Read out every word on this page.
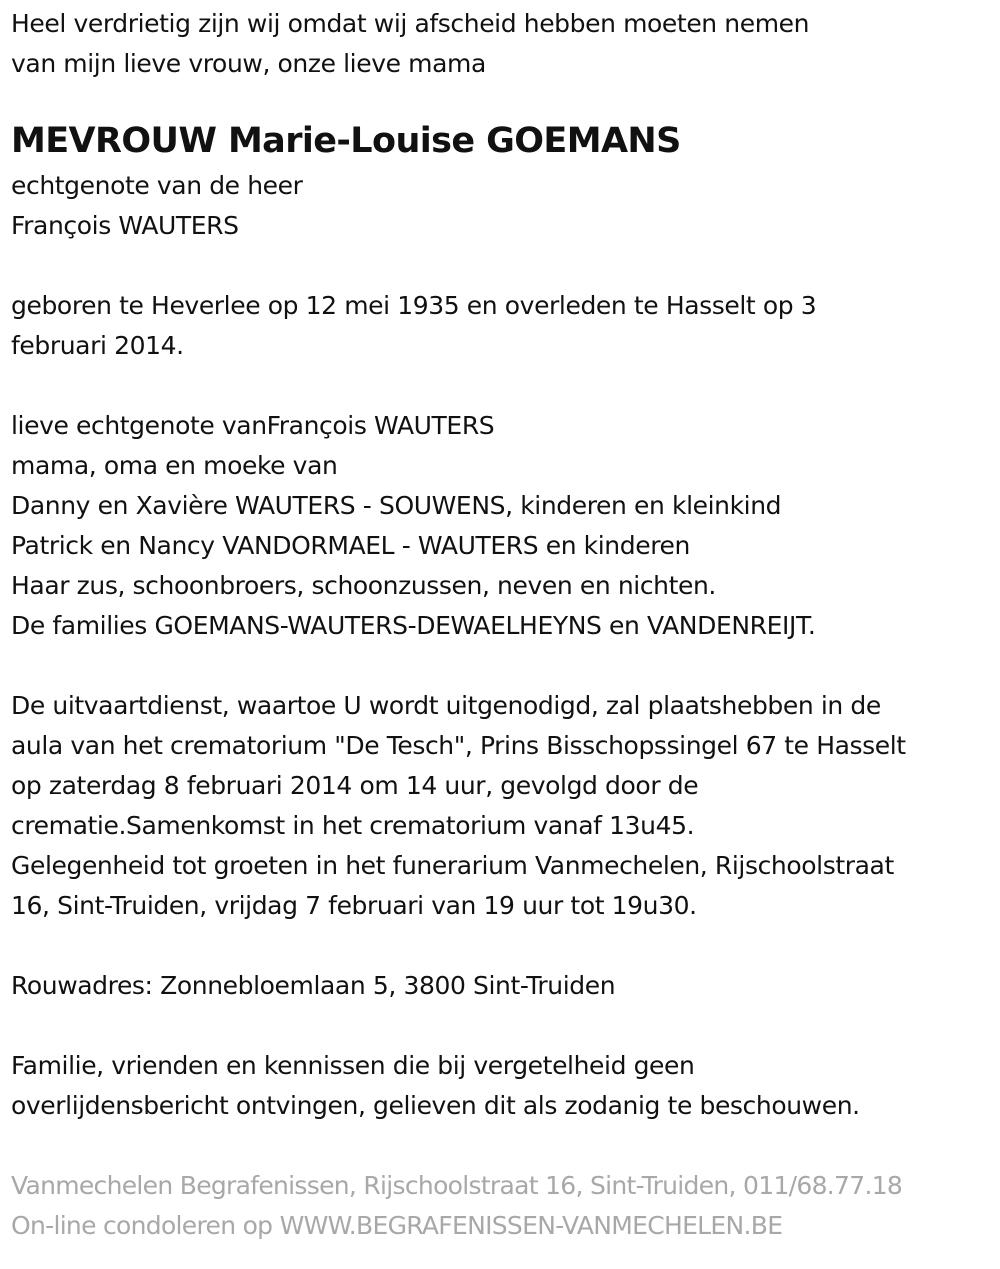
Heel verdrietig zijn wij omdat wij afscheid hebben moeten nemen
van mijn lieve vrouw, onze lieve mama
MEVROUW Marie-Louise GOEMANS
echtgenote van de heer
François WAUTERS
geboren te Heverlee op 12 mei 1935 en overleden te Hasselt op 3
februari 2014.
lieve echtgenote vanFrançois WAUTERS
mama, oma en moeke van
Danny en Xavière WAUTERS - SOUWENS, kinderen en kleinkind
Patrick en Nancy VANDORMAEL - WAUTERS en kinderen
Haar zus, schoonbroers, schoonzussen, neven en nichten.
De families GOEMANS-WAUTERS-DEWAELHEYNS en VANDENREIJT.
De uitvaartdienst, waartoe U wordt uitgenodigd, zal plaatshebben in de
aula van het crematorium "De Tesch", Prins Bisschopssingel 67 te Hasselt
op zaterdag 8 februari 2014 om 14 uur, gevolgd door de
crematie.Samenkomst in het crematorium vanaf 13u45.
Gelegenheid tot groeten in het funerarium Vanmechelen, Rijschoolstraat
16, Sint-Truiden, vrijdag 7 februari van 19 uur tot 19u30.
Rouwadres: Zonnebloemlaan 5, 3800 Sint-Truiden
Familie, vrienden en kennissen die bij vergetelheid geen
overlijdensbericht ontvingen, gelieven dit als zodanig te beschouwen.
Vanmechelen Begrafenissen, Rijschoolstraat 16, Sint-Truiden, 011/68.77.18
On-line condoleren op WWW.BEGRAFENISSEN-VANMECHELEN.BE
